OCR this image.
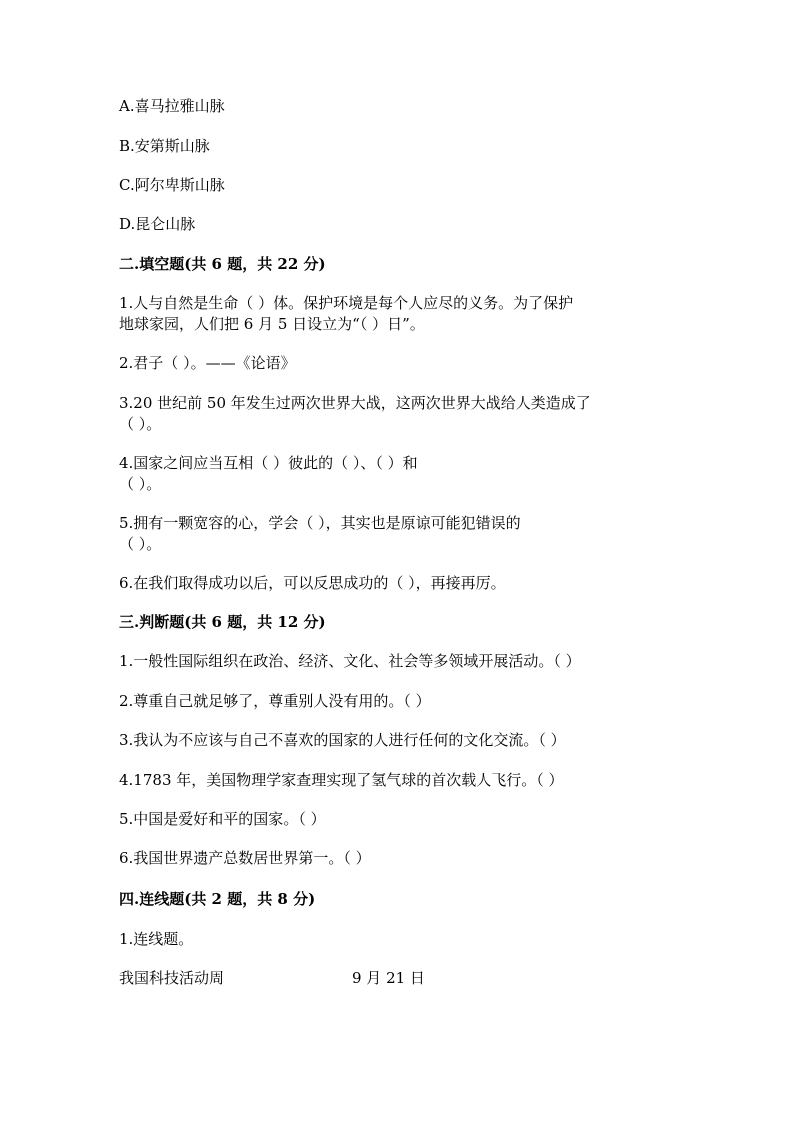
A.喜马拉雅山脉
B.安第斯山脉
C.阿尔卑斯山脉
D.昆仑山脉
二.填空题(共 6 题，共 22 分)
1.人与自然是生命（ ）体。保护环境是每个人应尽的义务。为了保护
地球家园，人们把 6 月 5 日设立为“（ ）日”。
2.君子（ ）。——《论语》
3.20 世纪前 50 年发生过两次世界大战，这两次世界大战给人类造成了
（ ）。
4.国家之间应当互相（ ）彼此的（ ）、（ ）和
（ ）。
5.拥有一颗宽容的心，学会（ ），其实也是原谅可能犯错误的
（ ）。
6.在我们取得成功以后，可以反思成功的（ ），再接再厉。
三.判断题(共 6 题，共 12 分)
1.一般性国际组织在政治、经济、文化、社会等多领域开展活动。（ ）
2.尊重自己就足够了，尊重别人没有用的。（ ）
3.我认为不应该与自己不喜欢的国家的人进行任何的文化交流。（ ）
4.1783 年，美国物理学家查理实现了氢气球的首次载人飞行。（ ）
5.中国是爱好和平的国家。（ ）
6.我国世界遗产总数居世界第一。（ ）
四.连线题(共 2 题，共 8 分)
1.连线题。
我国科技活动周	9 月 21 日
